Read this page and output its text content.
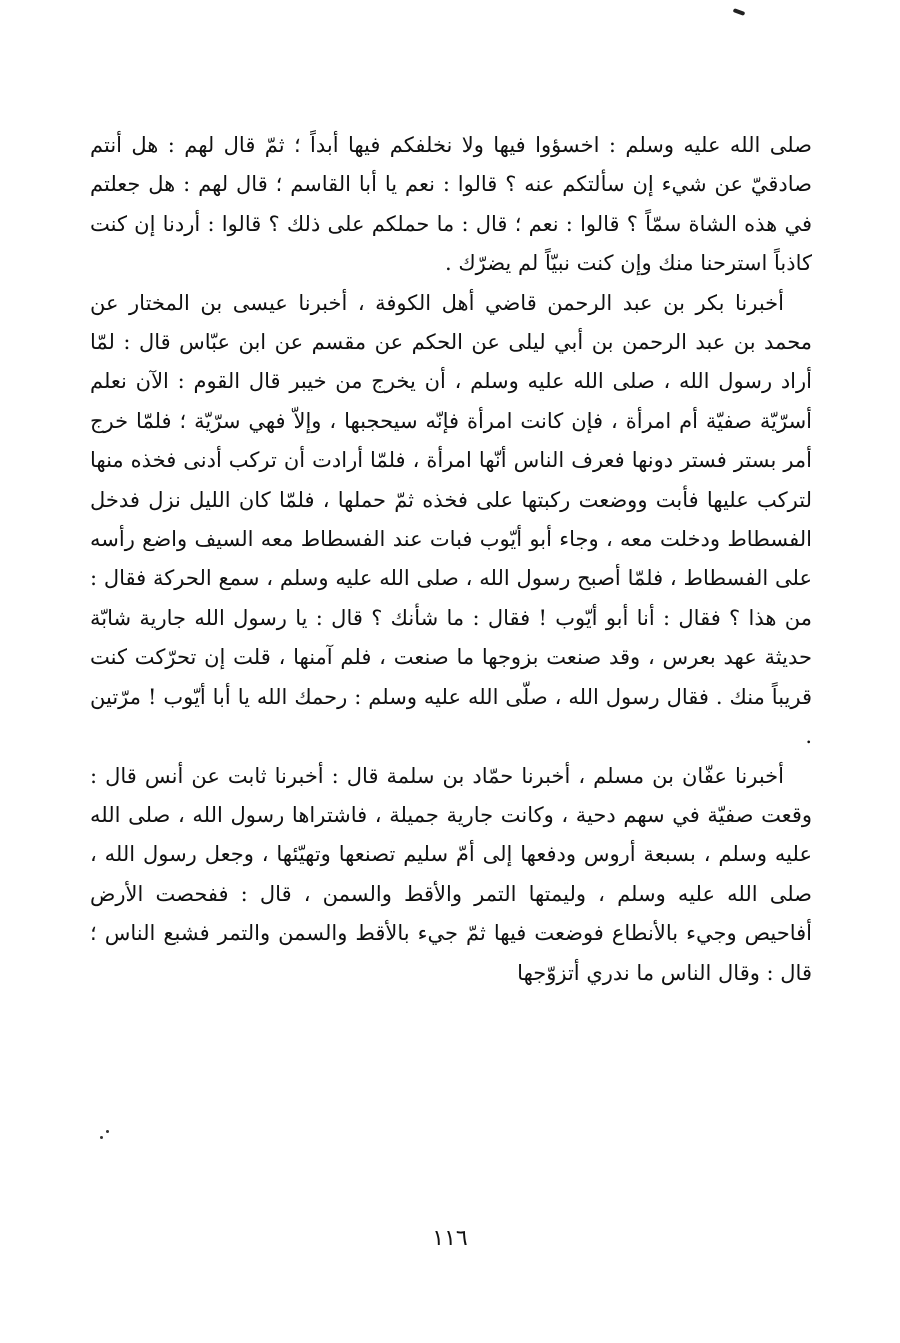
صلى الله عليه وسلم : اخسؤوا فيها ولا نخلفكم فيها أبداً ؛ ثمّ قال لهم : هل أنتم صادقيّ عن شيء إن سألتكم عنه ؟ قالوا : نعم يا أبا القاسم ؛ قال لهم : هل جعلتم في هذه الشاة سمّاً ؟ قالوا : نعم ؛ قال : ما حملكم على ذلك ؟ قالوا : أردنا إن كنت كاذباً استرحنا منك وإن كنت نبيّاً لم يضرّك .

أخبرنا بكر بن عبد الرحمن قاضي أهل الكوفة ، أخبرنا عيسى بن المختار عن محمد بن عبد الرحمن بن أبي ليلى عن الحكم عن مقسم عن ابن عبّاس قال : لمّا أراد رسول الله ، صلى الله عليه وسلم ، أن يخرج من خيبر قال القوم : الآن نعلم أسرّيّة صفيّة أم امرأة ، فإن كانت امرأة فإنّه سيحجبها ، وإلاّ فهي سرّيّة ؛ فلمّا خرج أمر بستر فستر دونها فعرف الناس أنّها امرأة ، فلمّا أرادت أن تركب أدنى فخذه منها لتركب عليها فأبت ووضعت ركبتها على فخذه ثمّ حملها ، فلمّا كان الليل نزل فدخل الفسطاط ودخلت معه ، وجاء أبو أيّوب فبات عند الفسطاط معه السيف واضع رأسه على الفسطاط ، فلمّا أصبح رسول الله ، صلى الله عليه وسلم ، سمع الحركة فقال : من هذا ؟ فقال : أنا أبو أيّوب ! فقال : ما شأنك ؟ قال : يا رسول الله جارية شابّة حديثة عهد بعرس ، وقد صنعت بزوجها ما صنعت ، فلم آمنها ، قلت إن تحرّكت كنت قريباً منك . فقال رسول الله ، صلّى الله عليه وسلم : رحمك الله يا أبا أيّوب ! مرّتين .

أخبرنا عفّان بن مسلم ، أخبرنا حمّاد بن سلمة قال : أخبرنا ثابت عن أنس قال : وقعت صفيّة في سهم دحية ، وكانت جارية جميلة ، فاشتراها رسول الله ، صلى الله عليه وسلم ، بسبعة أروس ودفعها إلى أمّ سليم تصنعها وتهيّئها ، وجعل رسول الله ، صلى الله عليه وسلم ، وليمتها التمر والأقط والسمن ، قال : ففحصت الأرض أفاحيص وجيء بالأنطاع فوضعت فيها ثمّ جيء بالأقط والسمن والتمر فشبع الناس ؛ قال : وقال الناس ما ندري أتزوّجها

١١٦
